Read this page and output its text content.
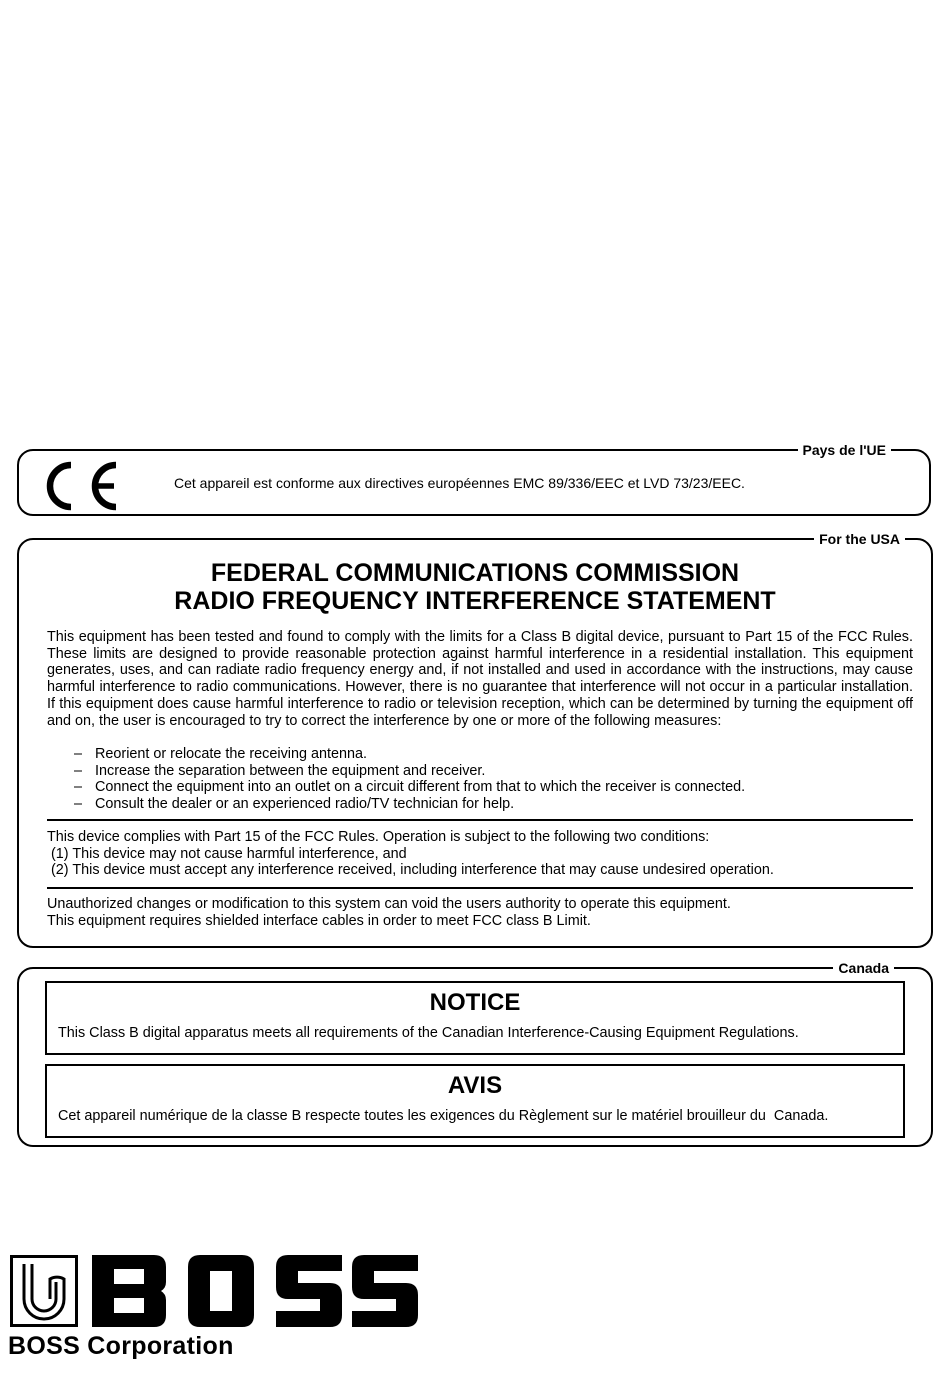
Pays de l'UE
Cet appareil est conforme aux directives européennes EMC 89/336/EEC et LVD 73/23/EEC.
For the USA
FEDERAL COMMUNICATIONS COMMISSION
RADIO FREQUENCY INTERFERENCE STATEMENT
This equipment has been tested and found to comply with the limits for a Class B digital device, pursuant to Part 15 of the FCC Rules. These limits are designed to provide reasonable protection against harmful interference in a residential installation. This equipment generates, uses, and can radiate radio frequency energy and, if not installed and used in accordance with the instructions, may cause harmful interference to radio communications. However, there is no guarantee that interference will not occur in a particular installation. If this equipment does cause harmful interference to radio or television reception, which can be determined by turning the equipment off and on, the user is encouraged to try to correct the interference by one or more of the following measures:
– Reorient or relocate the receiving antenna.
– Increase the separation between the equipment and receiver.
– Connect the equipment into an outlet on a circuit different from that to which the receiver is connected.
– Consult the dealer or an experienced radio/TV technician for help.
This device complies with Part 15 of the FCC Rules. Operation is subject to the following two conditions:
(1) This device may not cause harmful interference, and
(2) This device must accept any interference received, including interference that may cause undesired operation.
Unauthorized changes or modification to this system can void the users authority to operate this equipment.
This equipment requires shielded interface cables in order to meet FCC class B Limit.
Canada
NOTICE
This Class B digital apparatus meets all requirements of the Canadian Interference-Causing Equipment Regulations.
AVIS
Cet appareil numérique de la classe B respecte toutes les exigences du Règlement sur le matériel brouilleur du  Canada.
BOSS Corporation
